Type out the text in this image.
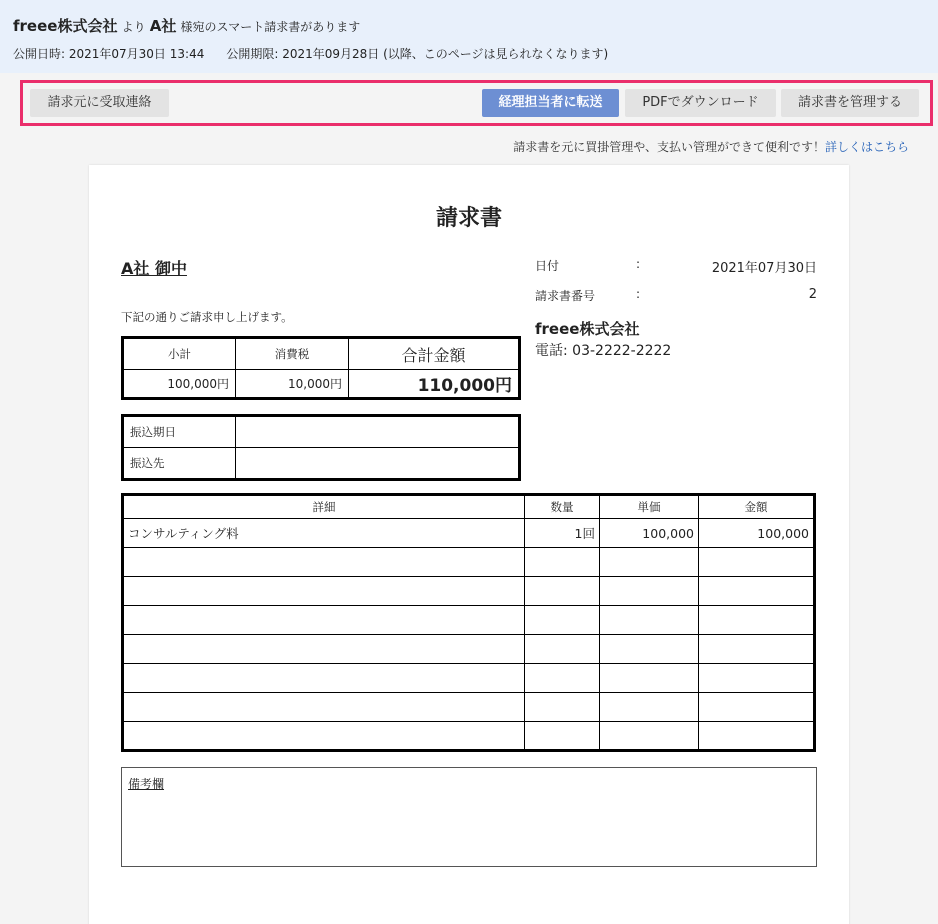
freee株式会社 より A社 様宛のスマート請求書があります
公開日時: 2021年07月30日 13:44 公開期限: 2021年09月28日 (以降、このページは見られなくなります)
請求元に受取連絡	経理担当者に転送	PDFでダウンロード	請求書を管理する
請求書を元に買掛管理や、支払い管理ができて便利です！詳しくはこちら
請求書
A社 御中
下記の通りご請求申し上げます。
小計	消費税	合計金額
100,000円	10,000円	110,000円
振込期日	
振込先	
日付	:	2021年07月30日
請求書番号	:	2
freee株式会社
電話: 03-2222-2222
詳細	数量	単価	金額
コンサルティング料	1回	100,000	100,000

備考欄
